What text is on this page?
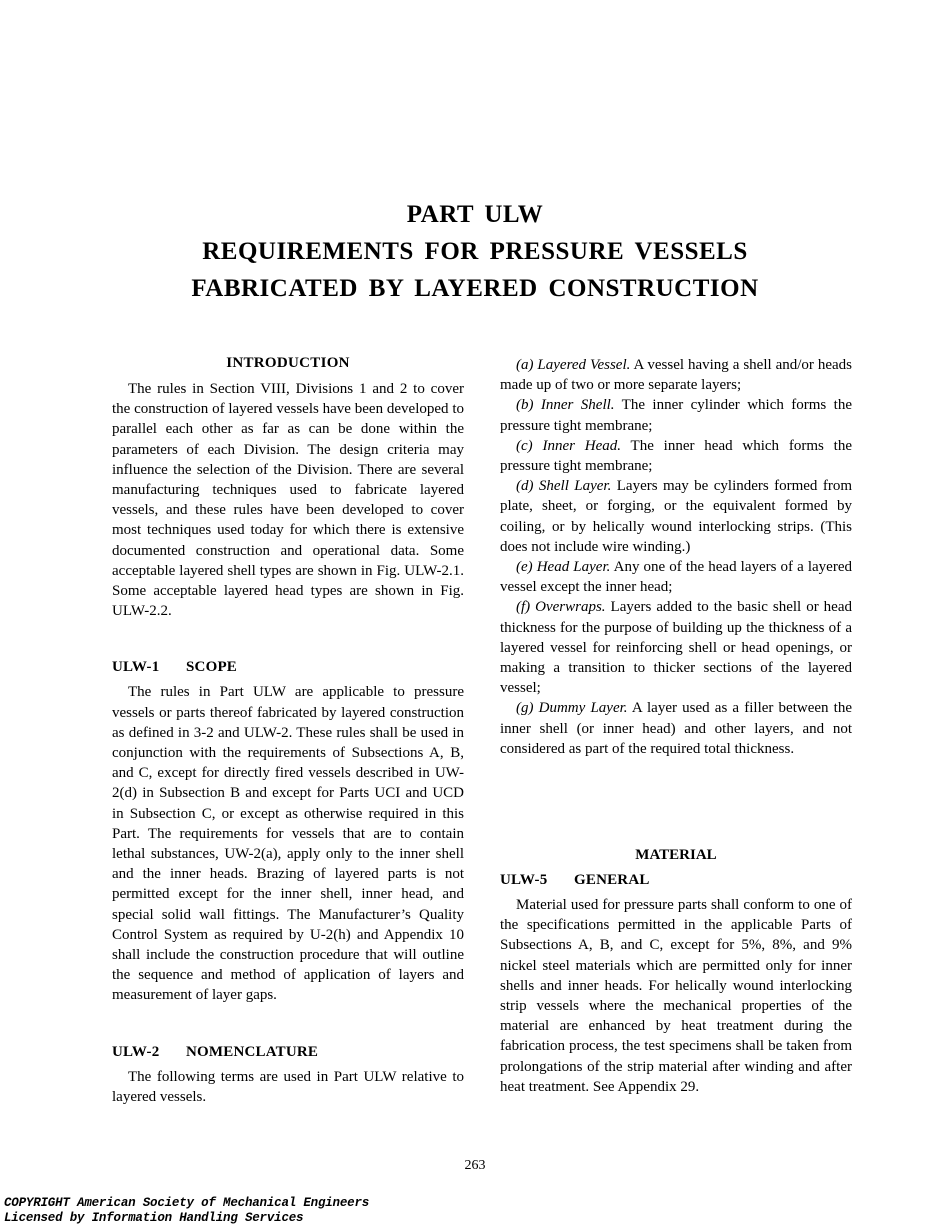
PART ULW
REQUIREMENTS FOR PRESSURE VESSELS
FABRICATED BY LAYERED CONSTRUCTION
INTRODUCTION

The rules in Section VIII, Divisions 1 and 2 to cover the construction of layered vessels have been developed to parallel each other as far as can be done within the parameters of each Division. The design criteria may influence the selection of the Division. There are several manufacturing techniques used to fabricate layered vessels, and these rules have been developed to cover most techniques used today for which there is extensive documented construction and operational data. Some acceptable layered shell types are shown in Fig. ULW-2.1. Some acceptable layered head types are shown in Fig. ULW-2.2.

ULW-1 SCOPE

The rules in Part ULW are applicable to pressure vessels or parts thereof fabricated by layered construction as defined in 3-2 and ULW-2. These rules shall be used in conjunction with the requirements of Subsections A, B, and C, except for directly fired vessels described in UW-2(d) in Subsection B and except for Parts UCI and UCD in Subsection C, or except as otherwise required in this Part. The requirements for vessels that are to contain lethal substances, UW-2(a), apply only to the inner shell and the inner heads. Brazing of layered parts is not permitted except for the inner shell, inner head, and special solid wall fittings. The Manufacturer’s Quality Control System as required by U-2(h) and Appendix 10 shall include the construction procedure that will outline the sequence and method of application of layers and measurement of layer gaps.

ULW-2 NOMENCLATURE

The following terms are used in Part ULW relative to layered vessels.

(a) Layered Vessel. A vessel having a shell and/or heads made up of two or more separate layers;

(b) Inner Shell. The inner cylinder which forms the pressure tight membrane;

(c) Inner Head. The inner head which forms the pressure tight membrane;

(d) Shell Layer. Layers may be cylinders formed from plate, sheet, or forging, or the equivalent formed by coiling, or by helically wound interlocking strips. (This does not include wire winding.)

(e) Head Layer. Any one of the head layers of a layered vessel except the inner head;

(f) Overwraps. Layers added to the basic shell or head thickness for the purpose of building up the thickness of a layered vessel for reinforcing shell or head openings, or making a transition to thicker sections of the layered vessel;

(g) Dummy Layer. A layer used as a filler between the inner shell (or inner head) and other layers, and not considered as part of the required total thickness.

MATERIAL
ULW-5 GENERAL

Material used for pressure parts shall conform to one of the specifications permitted in the applicable Parts of Subsections A, B, and C, except for 5%, 8%, and 9% nickel steel materials which are permitted only for inner shells and inner heads. For helically wound interlocking strip vessels where the mechanical properties of the material are enhanced by heat treatment during the fabrication process, the test specimens shall be taken from prolongations of the strip material after winding and after heat treatment. See Appendix 29.

263
COPYRIGHT American Society of Mechanical Engineers
Licensed by Information Handling Services
